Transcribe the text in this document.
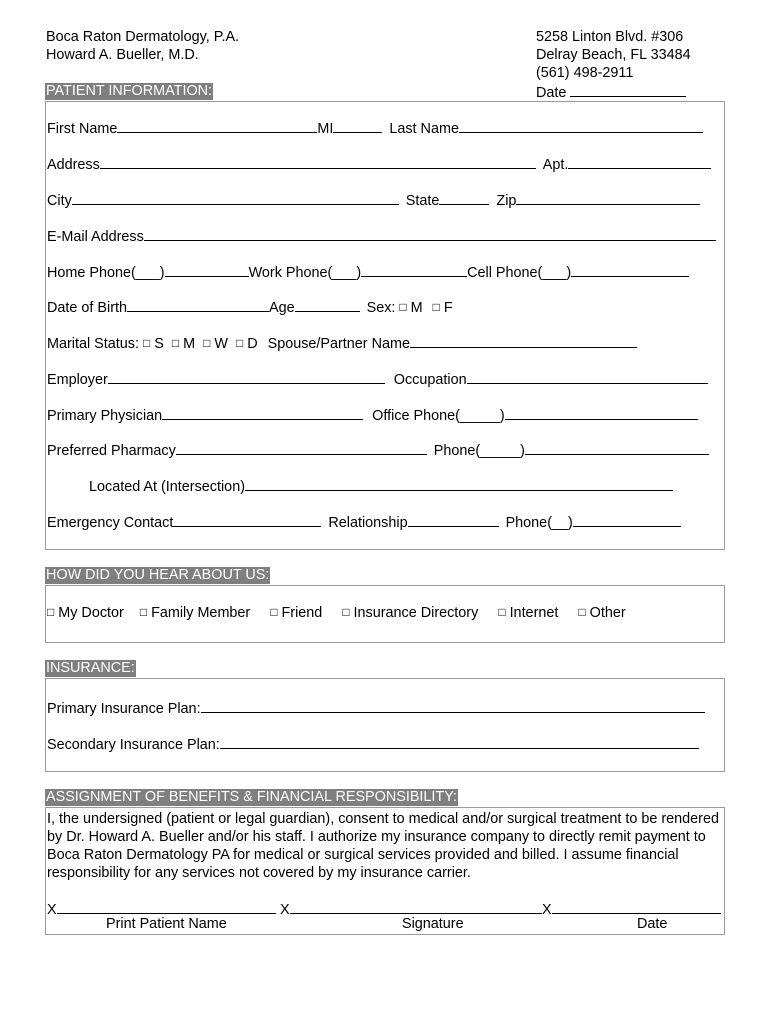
Boca Raton Dermatology, P.A.
Howard A. Bueller, M.D.
5258 Linton Blvd. #306
Delray Beach, FL 33484
(561) 498-2911
Date
PATIENT INFORMATION:
First Name	MI	Last Name
Address	Apt.
City	State	Zip
E-Mail Address
Home Phone(___)	Work Phone(___)	Cell Phone(___)
Date of Birth	Age	Sex: □ M □ F
Marital Status: □ S □ M □ W □ D Spouse/Partner Name
Employer	Occupation
Primary Physician	Office Phone(_____)
Preferred Pharmacy	Phone(_____)
Located At (Intersection)
Emergency Contact	Relationship	Phone(__)
HOW DID YOU HEAR ABOUT US:
□ My Doctor □ Family Member □ Friend □ Insurance Directory □ Internet □ Other
INSURANCE:
Primary Insurance Plan:
Secondary Insurance Plan:
ASSIGNMENT OF BENEFITS & FINANCIAL RESPONSIBILITY:
I, the undersigned (patient or legal guardian), consent to medical and/or surgical treatment to be rendered by Dr. Howard A. Bueller and/or his staff. I authorize my insurance company to directly remit payment to Boca Raton Dermatology PA for medical or surgical services provided and billed. I assume financial responsibility for any services not covered by my insurance carrier.
X	X	X
Print Patient Name	Signature	Date
